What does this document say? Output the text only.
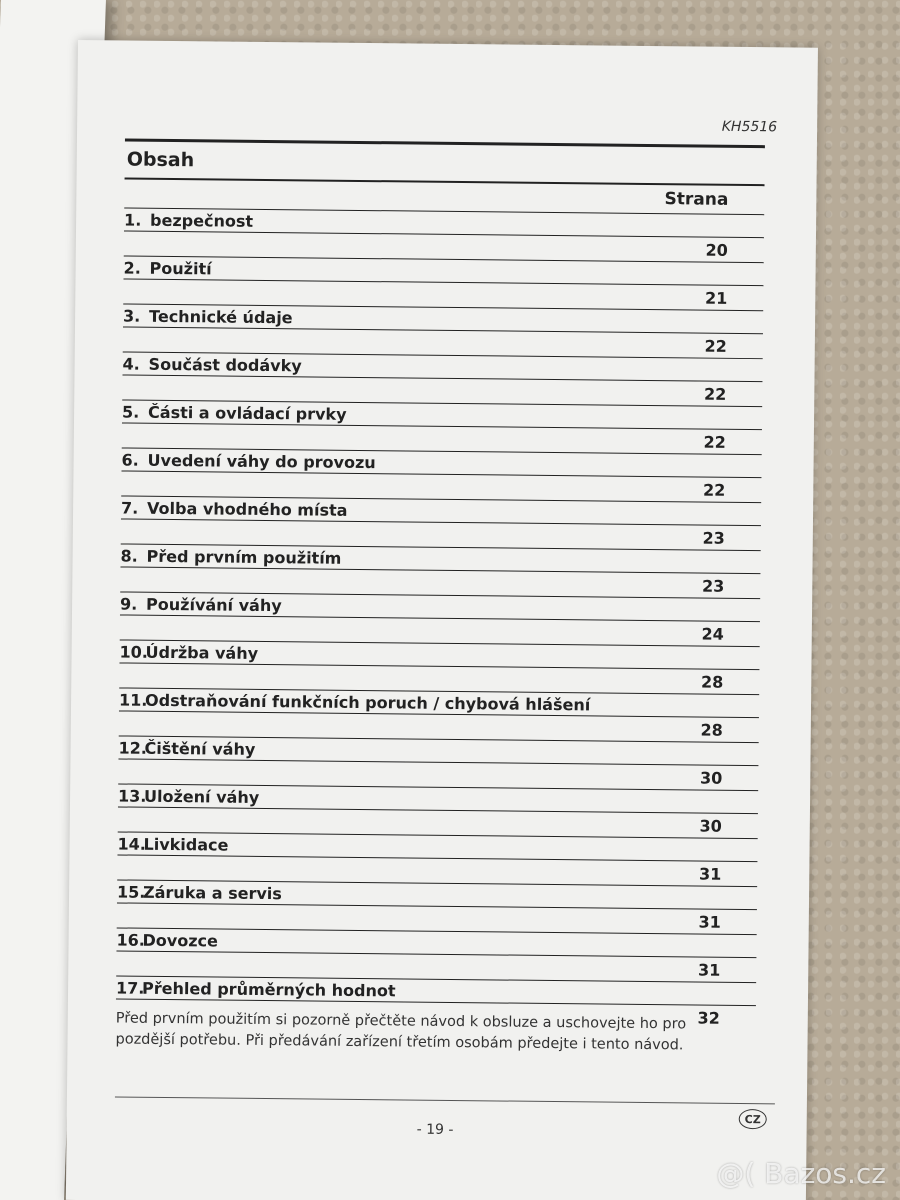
KH5516
Obsah
Strana
1. bezpečnost
20
2. Použití
21
3. Technické údaje
22
4. Součást dodávky
22
5. Části a ovládací prvky
22
6. Uvedení váhy do provozu
22
7. Volba vhodného místa
23
8. Před prvním použitím
23
9. Používání váhy
24
10.Údržba váhy
28
11.Odstraňování funkčních poruch / chybová hlášení
28
12.Čištění váhy
30
13.Uložení váhy
30
14.Livkidace
31
15.Záruka a servis
31
16.Dovozce
31
17.Přehled průměrných hodnot
32
Před prvním použitím si pozorně přečtěte návod k obsluze a uschovejte ho pro
pozdější potřebu. Při předávání zařízení třetím osobám předejte i tento návod.
- 19 -
CZ
@( Bazos.cz
